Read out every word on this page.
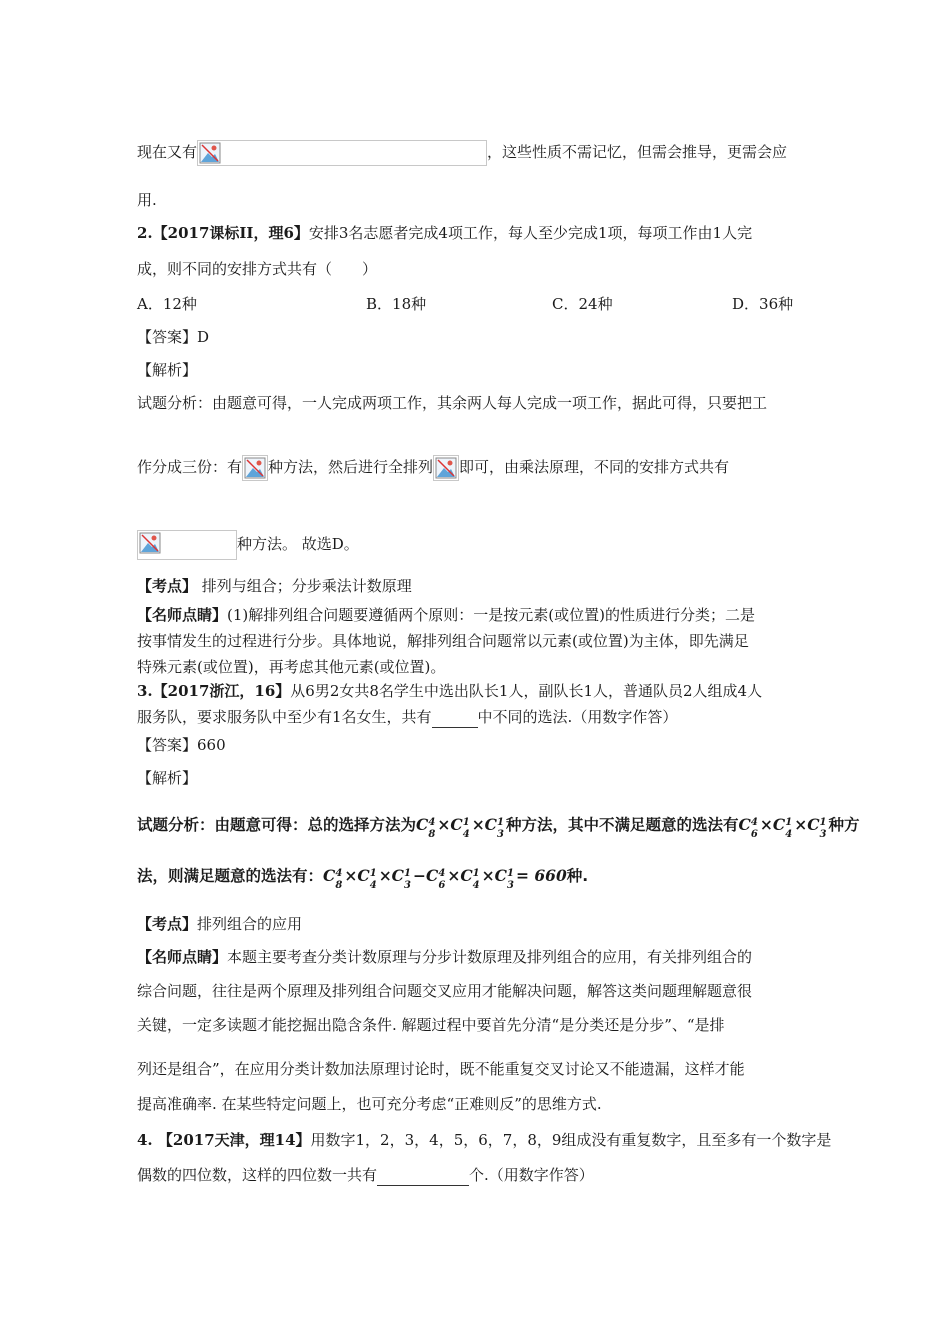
现在又有	，这些性质不需记忆，但需会推导，更需会应
用.
2.【2017课标II，理6】安排3名志愿者完成4项工作，每人至少完成1项，每项工作由1人完
成，则不同的安排方式共有（　　）
A．12种	B．18种	C．24种	D．36种
【答案】D
【解析】
试题分析：由题意可得，一人完成两项工作，其余两人每人完成一项工作，据此可得，只要把工
作分成三份：有 种方法，然后进行全排列 即可，由乘法原理，不同的安排方式共有
种方法。 故选D。
【考点】 排列与组合；分步乘法计数原理
【名师点睛】(1)解排列组合问题要遵循两个原则：一是按元素(或位置)的性质进行分类；二是
按事情发生的过程进行分步。具体地说，解排列组合问题常以元素(或位置)为主体，即先满足
特殊元素(或位置)，再考虑其他元素(或位置)。
3.【2017浙江，16】从6男2女共8名学生中选出队长1人，副队长1人，普通队员2人组成4人
服务队，要求服务队中至少有1名女生，共有	中不同的选法.（用数字作答）
【答案】660
【解析】
试题分析：由题意可得：总的选择方法为C 4
8
×C 1
4
×C 1
3
种方法，其中不满足题意的选法有C 4
6
×C 1
4
×C 1
3
种方
法，则满足题意的选法有：C 4
8
×C 1
4
×C 1
3
−C 4
6
×C 1
4
×C 1
3
= 660种.
【考点】排列组合的应用
【名师点睛】本题主要考查分类计数原理与分步计数原理及排列组合的应用，有关排列组合的
综合问题，往往是两个原理及排列组合问题交叉应用才能解决问题，解答这类问题理解题意很
关键，一定多读题才能挖掘出隐含条件. 解题过程中要首先分清“是分类还是分步”、“是排
列还是组合”，在应用分类计数加法原理讨论时，既不能重复交叉讨论又不能遗漏，这样才能
提高准确率. 在某些特定问题上，也可充分考虑“正难则反”的思维方式.
4. 【2017天津，理14】用数字1，2，3，4，5，6，7，8，9组成没有重复数字，且至多有一个数字是
偶数的四位数，这样的四位数一共有	个.（用数字作答）
